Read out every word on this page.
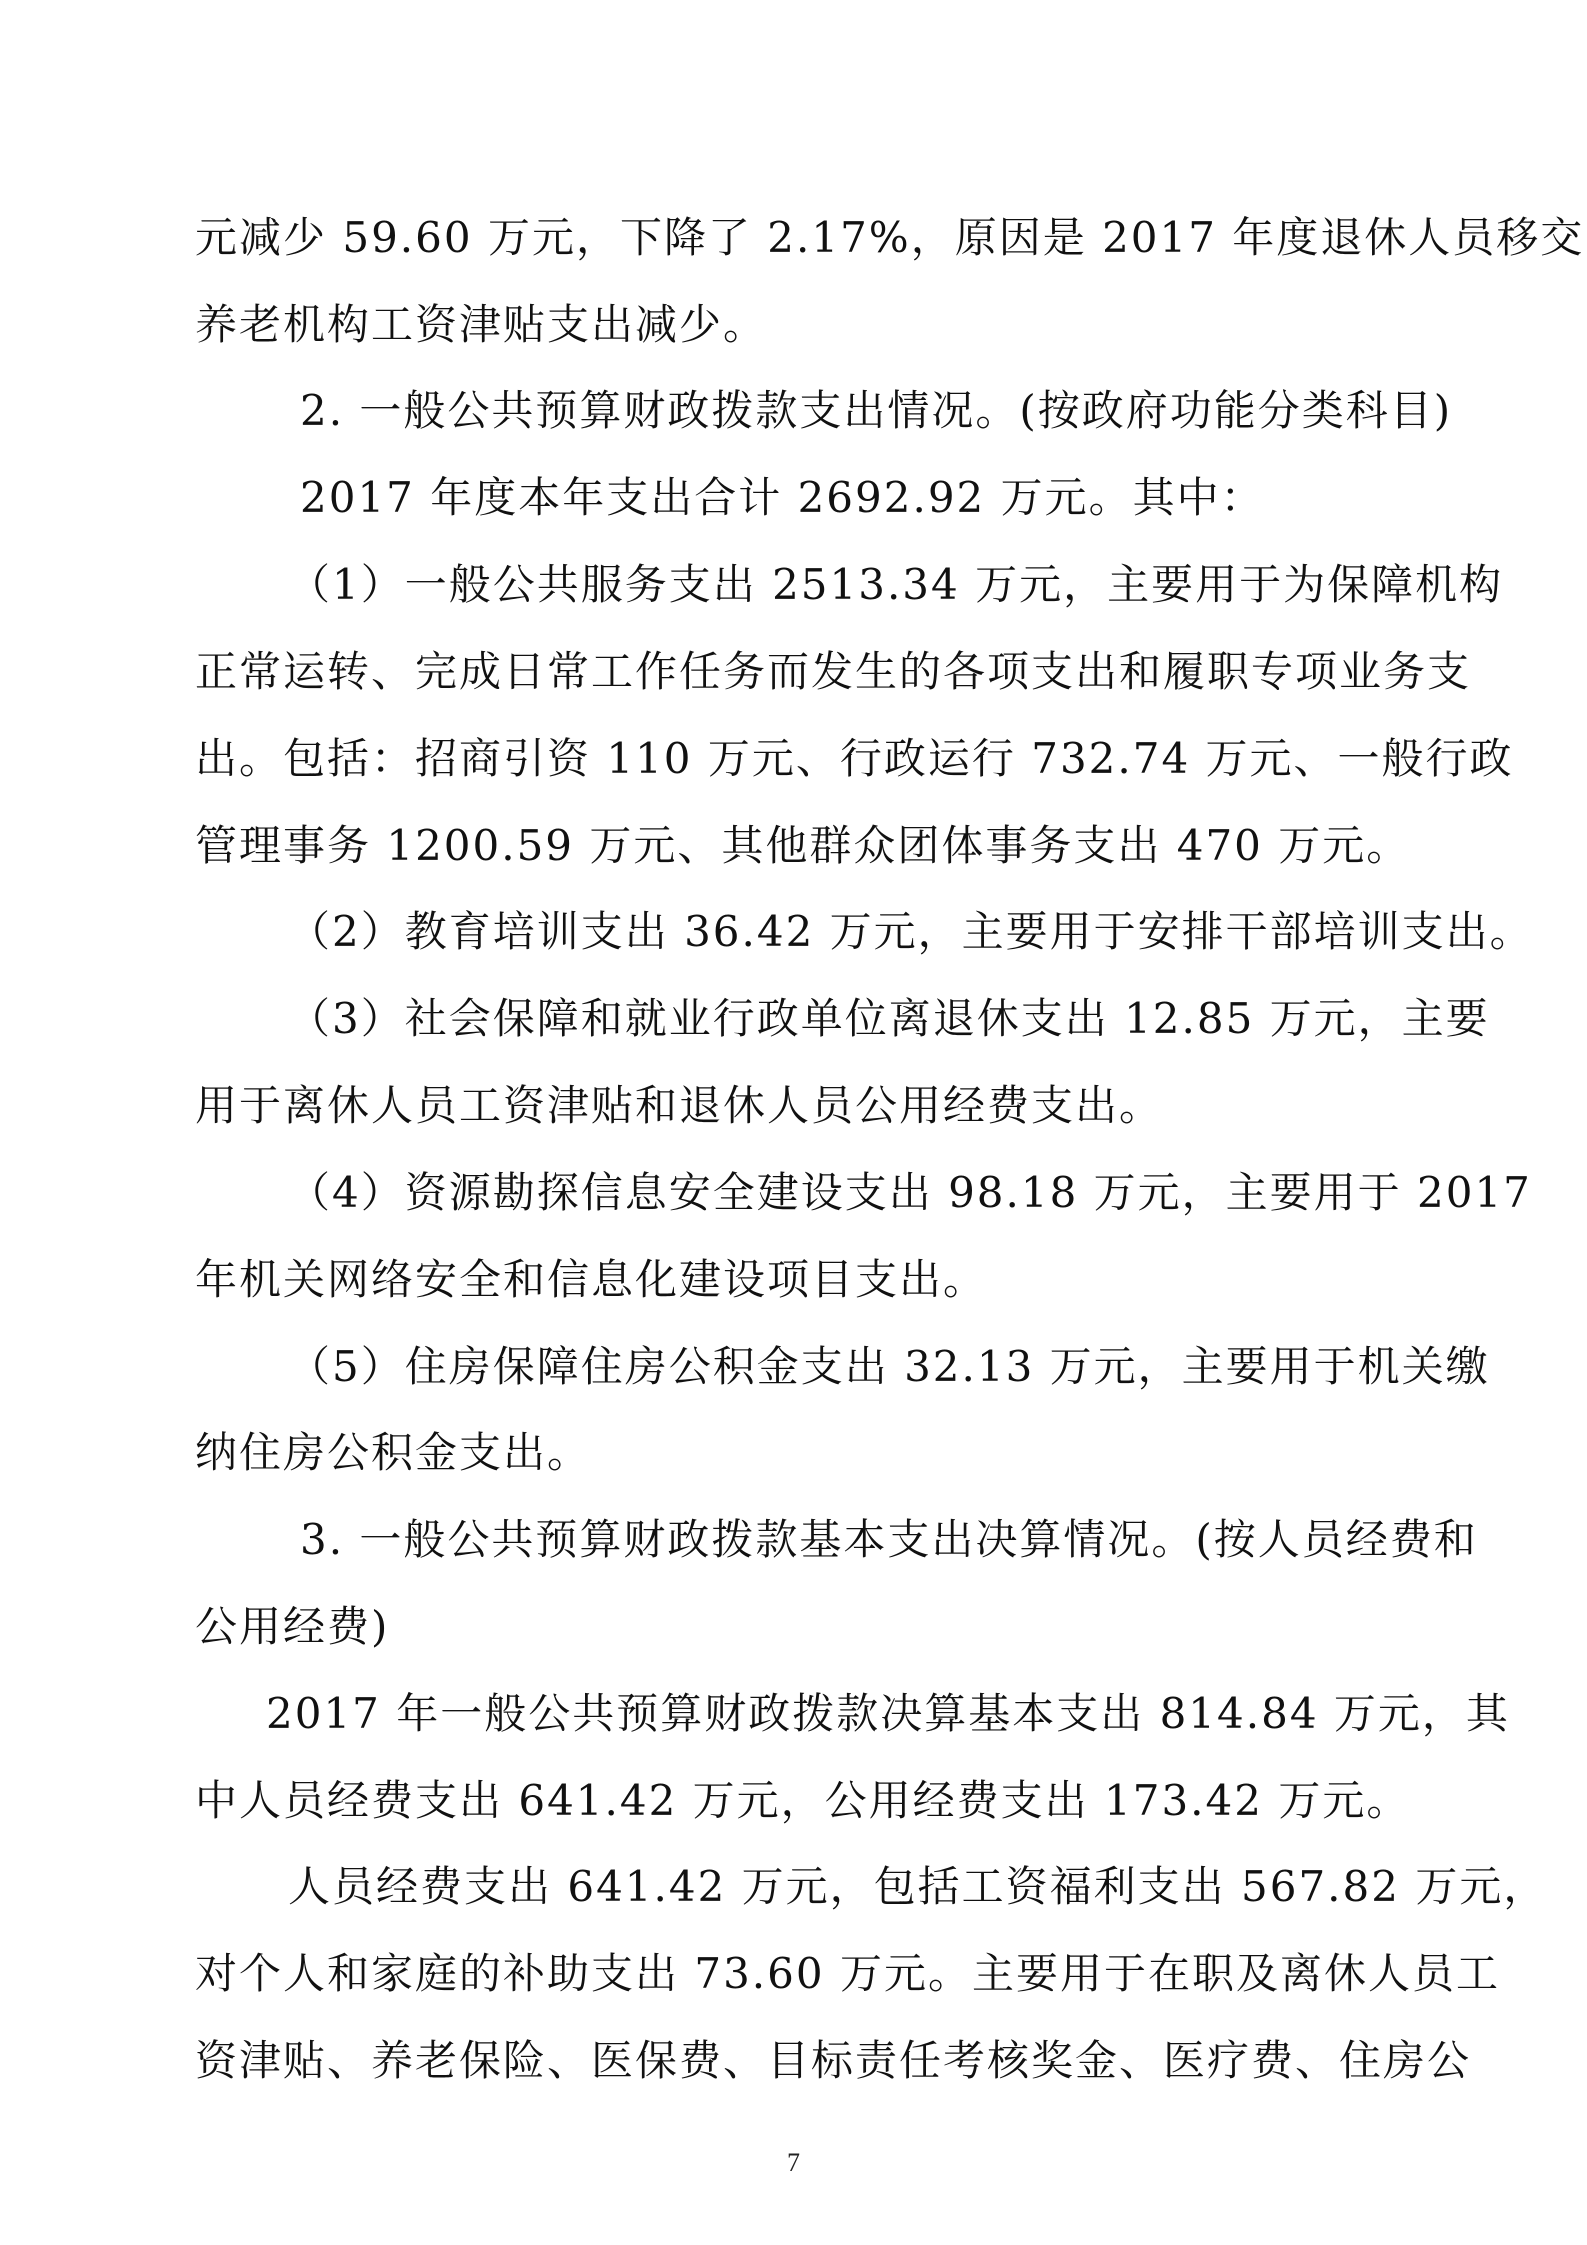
元减少 59.60 万元，下降了 2.17%，原因是 2017 年度退休人员移交
养老机构工资津贴支出减少。
2. 一般公共预算财政拨款支出情况。(按政府功能分类科目)
2017 年度本年支出合计 2692.92 万元。其中：
（1）一般公共服务支出 2513.34 万元，主要用于为保障机构
正常运转、完成日常工作任务而发生的各项支出和履职专项业务支
出。包括：招商引资 110 万元、行政运行 732.74 万元、一般行政
管理事务 1200.59 万元、其他群众团体事务支出 470 万元。
（2）教育培训支出 36.42 万元，主要用于安排干部培训支出。
（3）社会保障和就业行政单位离退休支出 12.85 万元，主要
用于离休人员工资津贴和退休人员公用经费支出。
（4）资源勘探信息安全建设支出 98.18 万元，主要用于 2017
年机关网络安全和信息化建设项目支出。
（5）住房保障住房公积金支出 32.13 万元，主要用于机关缴
纳住房公积金支出。
3. 一般公共预算财政拨款基本支出决算情况。(按人员经费和
公用经费)
2017 年一般公共预算财政拨款决算基本支出 814.84 万元，其
中人员经费支出 641.42 万元，公用经费支出 173.42 万元。
人员经费支出 641.42 万元，包括工资福利支出 567.82 万元，
对个人和家庭的补助支出 73.60 万元。主要用于在职及离休人员工
资津贴、养老保险、医保费、目标责任考核奖金、医疗费、住房公
7
